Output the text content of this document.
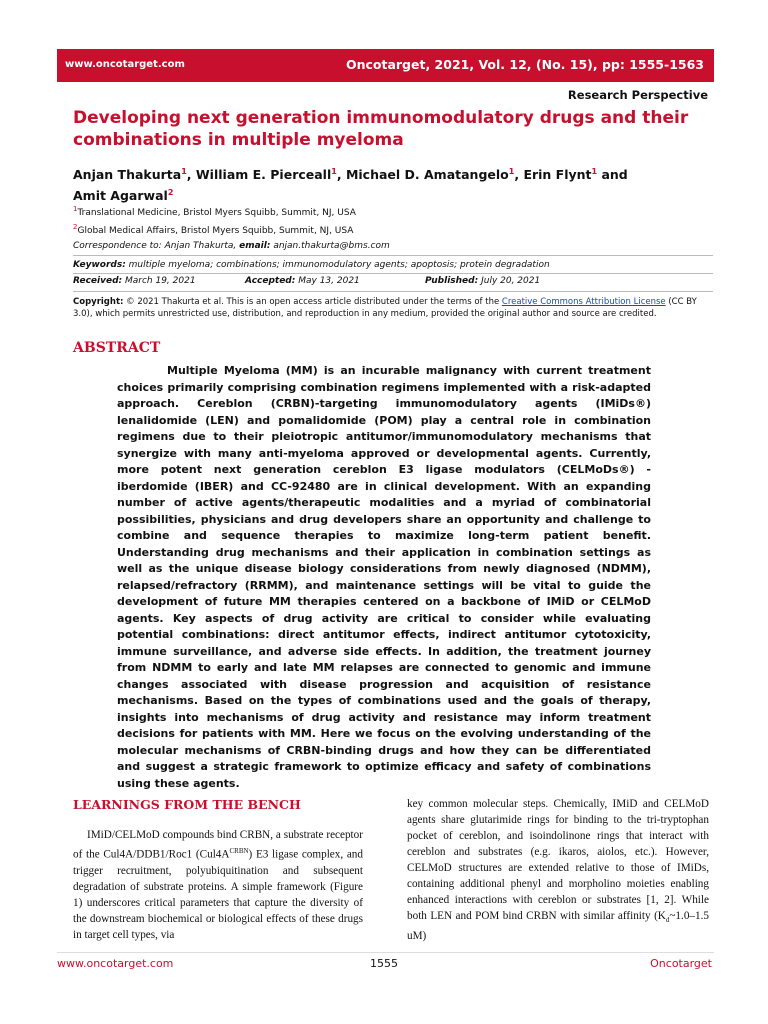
www.oncotarget.com	Oncotarget, 2021, Vol. 12, (No. 15), pp: 1555-1563
Research Perspective
Developing next generation immunomodulatory drugs and their combinations in multiple myeloma
Anjan Thakurta$^1$, William E. Pierceall$^1$, Michael D. Amatangelo$^1$, Erin Flynt$^1$ and
Amit Agarwal$^2$
$^1$Translational Medicine, Bristol Myers Squibb, Summit, NJ, USA
$^2$Global Medical Affairs, Bristol Myers Squibb, Summit, NJ, USA
Correspondence to: Anjan Thakurta, email: anjan.thakurta@bms.com
Keywords: multiple myeloma; combinations; immunomodulatory agents; apoptosis; protein degradation
Received: March 19, 2021	Accepted: May 13, 2021	Published: July 20, 2021
Copyright: © 2021 Thakurta et al. This is an open access article distributed under the terms of the Creative Commons Attribution License (CC BY 3.0), which permits unrestricted use, distribution, and reproduction in any medium, provided the original author and source are credited.
ABSTRACT
Multiple Myeloma (MM) is an incurable malignancy with current treatment choices primarily comprising combination regimens implemented with a risk-adapted approach. Cereblon (CRBN)-targeting immunomodulatory agents (IMiDs®) lenalidomide (LEN) and pomalidomide (POM) play a central role in combination regimens due to their pleiotropic antitumor/immunomodulatory mechanisms that synergize with many anti-myeloma approved or developmental agents. Currently, more potent next generation cereblon E3 ligase modulators (CELMoDs®) - iberdomide (IBER) and CC-92480 are in clinical development. With an expanding number of active agents/therapeutic modalities and a myriad of combinatorial possibilities, physicians and drug developers share an opportunity and challenge to combine and sequence therapies to maximize long-term patient benefit. Understanding drug mechanisms and their application in combination settings as well as the unique disease biology considerations from newly diagnosed (NDMM), relapsed/refractory (RRMM), and maintenance settings will be vital to guide the development of future MM therapies centered on a backbone of IMiD or CELMoD agents. Key aspects of drug activity are critical to consider while evaluating potential combinations: direct antitumor effects, indirect antitumor cytotoxicity, immune surveillance, and adverse side effects. In addition, the treatment journey from NDMM to early and late MM relapses are connected to genomic and immune changes associated with disease progression and acquisition of resistance mechanisms. Based on the types of combinations used and the goals of therapy, insights into mechanisms of drug activity and resistance may inform treatment decisions for patients with MM. Here we focus on the evolving understanding of the molecular mechanisms of CRBN-binding drugs and how they can be differentiated and suggest a strategic framework to optimize efficacy and safety of combinations using these agents.
LEARNINGS FROM THE BENCH
IMiD/CELMoD compounds bind CRBN, a substrate receptor of the Cul4A/DDB1/Roc1 $(Cul4A^{CRBN})$ E3 ligase complex, and trigger recruitment, polyubiquitination and subsequent degradation of substrate proteins. A simple framework (Figure 1) underscores critical parameters that capture the diversity of the downstream biochemical or biological effects of these drugs in target cell types, via
key common molecular steps. Chemically, IMiD and CELMoD agents share glutarimide rings for binding to the tri-tryptophan pocket of cereblon, and isoindolinone rings that interact with cereblon and substrates (e.g. ikaros, aiolos, etc.). However, CELMoD structures are extended relative to those of IMiDs, containing additional phenyl and morpholino moieties enabling enhanced interactions with cereblon or substrates [1, 2]. While both LEN and POM bind CRBN with similar affinity ($K_d\sim 1.0-1.5$ uM)
www.oncotarget.com	1555	Oncotarget
